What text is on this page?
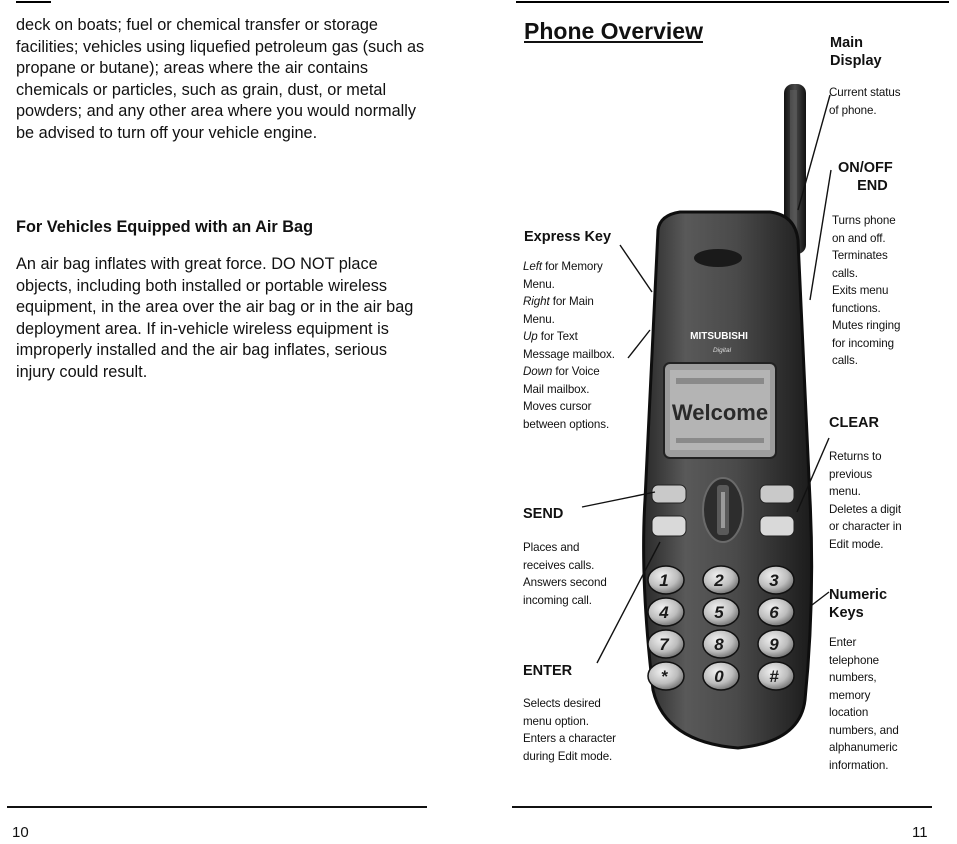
deck on boats; fuel or chemical transfer or storage facilities; vehicles using liquefied petroleum gas (such as propane or butane); areas where the air contains chemicals or particles, such as grain, dust, or metal powders; and any other area where you would normally be advised to turn off your vehicle engine.

For Vehicles Equipped with an Air Bag

An air bag inflates with great force. DO NOT place objects, including both installed or portable wireless equipment, in the area over the air bag or in the air bag deployment area. If in-vehicle wireless equipment is improperly installed and the air bag inflates, serious injury could result.

10
Phone Overview
MITSUBISHI
Digital
Welcome
1	2	3
4	5	6
7	8	9
*	0	#

Express Key

Left for Memory

Menu.

Right for Main

Menu.

Up for Text

Message mailbox.

Down for Voice

Mail mailbox.

Moves cursor

between options.

SEND

Places and

receives calls.

Answers second

incoming call.

ENTER

Selects desired

menu option.

Enters a character

during Edit mode.

Main
Display

Current status

of phone.

ON/OFF
END

Turns phone

on and off.

Terminates

calls.

Exits menu

functions.

Mutes ringing

for incoming

calls.

CLEAR

Returns to

previous

menu.

Deletes a digit

or character in

Edit mode.

Numeric
Keys

Enter

telephone

numbers,

memory

location

numbers, and

alphanumeric

information.

11
